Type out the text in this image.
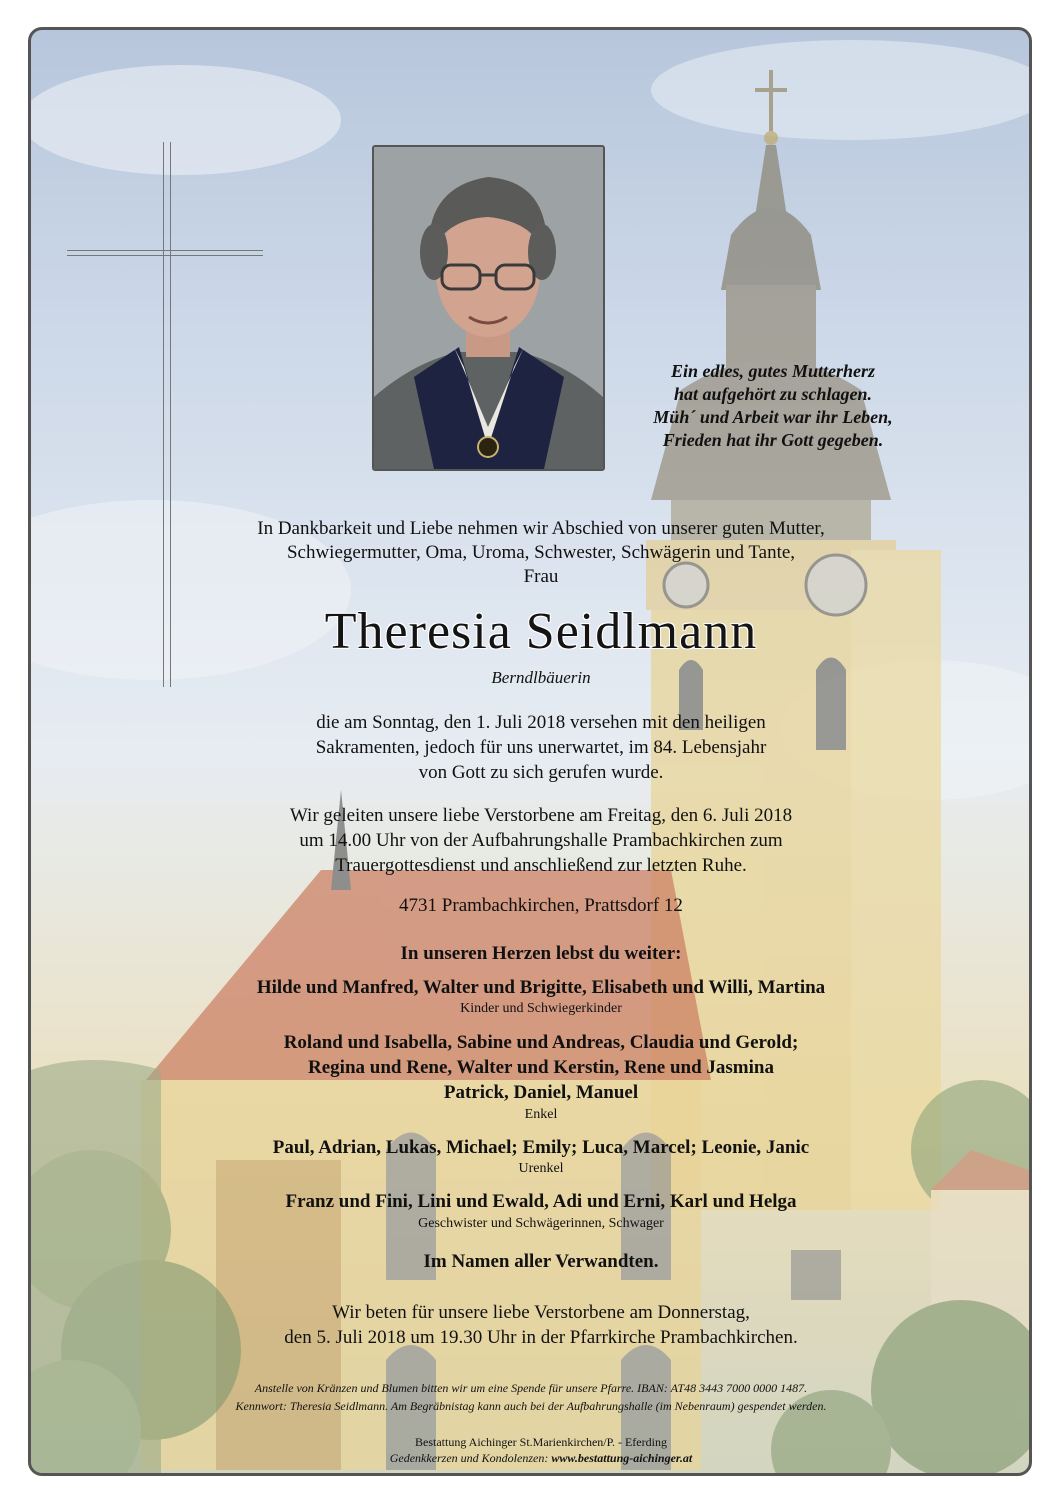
Ein edles, gutes Mutterherz
hat aufgehört zu schlagen.
Müh´ und Arbeit war ihr Leben,
Frieden hat ihr Gott gegeben.
In Dankbarkeit und Liebe nehmen wir Abschied von unserer guten Mutter,
Schwiegermutter, Oma, Uroma, Schwester, Schwägerin und Tante,
Frau
Theresia Seidlmann
Berndlbäuerin
die am Sonntag, den 1. Juli 2018 versehen mit den heiligen
Sakramenten, jedoch für uns unerwartet, im 84. Lebensjahr
von Gott zu sich gerufen wurde.
Wir geleiten unsere liebe Verstorbene am Freitag, den 6. Juli 2018
um 14.00 Uhr von der Aufbahrungshalle Prambachkirchen zum
Trauergottesdienst und anschließend zur letzten Ruhe.
4731 Prambachkirchen, Prattsdorf 12
In unseren Herzen lebst du weiter:
Hilde und Manfred, Walter und Brigitte, Elisabeth und Willi, Martina
Kinder und Schwiegerkinder
Roland und Isabella, Sabine und Andreas, Claudia und Gerold;
Regina und Rene, Walter und Kerstin, Rene und Jasmina
Patrick, Daniel, Manuel
Enkel
Paul, Adrian, Lukas, Michael; Emily; Luca, Marcel; Leonie, Janic
Urenkel
Franz und Fini, Lini und Ewald, Adi und Erni, Karl und Helga
Geschwister und Schwägerinnen, Schwager
Im Namen aller Verwandten.
Wir beten für unsere liebe Verstorbene am Donnerstag,
den 5. Juli 2018 um 19.30 Uhr in der Pfarrkirche Prambachkirchen.
Anstelle von Kränzen und Blumen bitten wir um eine Spende für unsere Pfarre. IBAN: AT48 3443 7000 0000 1487.
Kennwort: Theresia Seidlmann. Am Begräbnistag kann auch bei der Aufbahrungshalle (im Nebenraum) gespendet werden.
Bestattung Aichinger St.Marienkirchen/P. - Eferding
Gedenkkerzen und Kondolenzen: www.bestattung-aichinger.at
